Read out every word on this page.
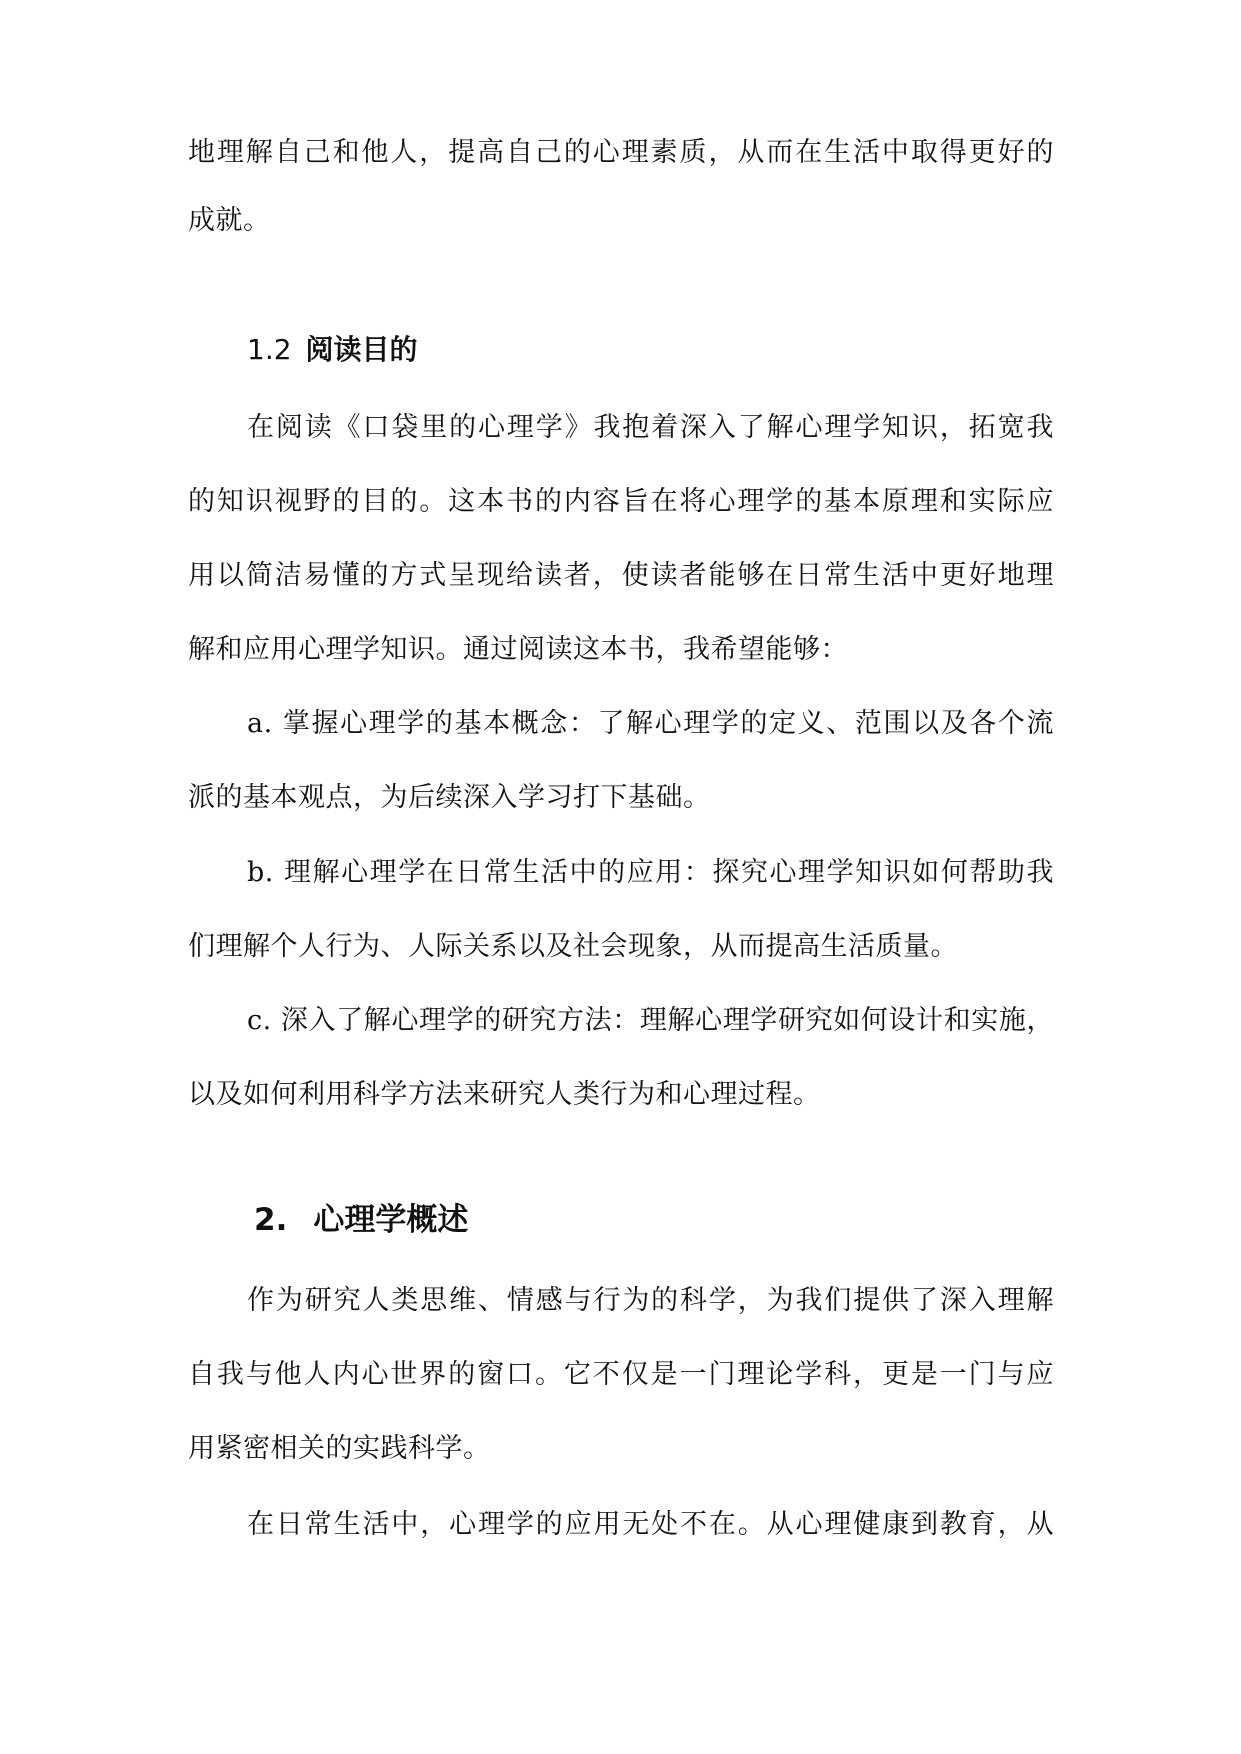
地理解自己和他人，提高自己的心理素质，从而在生活中取得更好的
成就。
1.2 阅读目的
在阅读《口袋里的心理学》我抱着深入了解心理学知识，拓宽我
的知识视野的目的。这本书的内容旨在将心理学的基本原理和实际应
用以简洁易懂的方式呈现给读者，使读者能够在日常生活中更好地理
解和应用心理学知识。通过阅读这本书，我希望能够：
a. 掌握心理学的基本概念：了解心理学的定义、范围以及各个流
派的基本观点，为后续深入学习打下基础。
b. 理解心理学在日常生活中的应用：探究心理学知识如何帮助我
们理解个人行为、人际关系以及社会现象，从而提高生活质量。
c. 深入了解心理学的研究方法：理解心理学研究如何设计和实施，
以及如何利用科学方法来研究人类行为和心理过程。
2. 心理学概述
作为研究人类思维、情感与行为的科学，为我们提供了深入理解
自我与他人内心世界的窗口。它不仅是一门理论学科，更是一门与应
用紧密相关的实践科学。
在日常生活中，心理学的应用无处不在。从心理健康到教育，从
